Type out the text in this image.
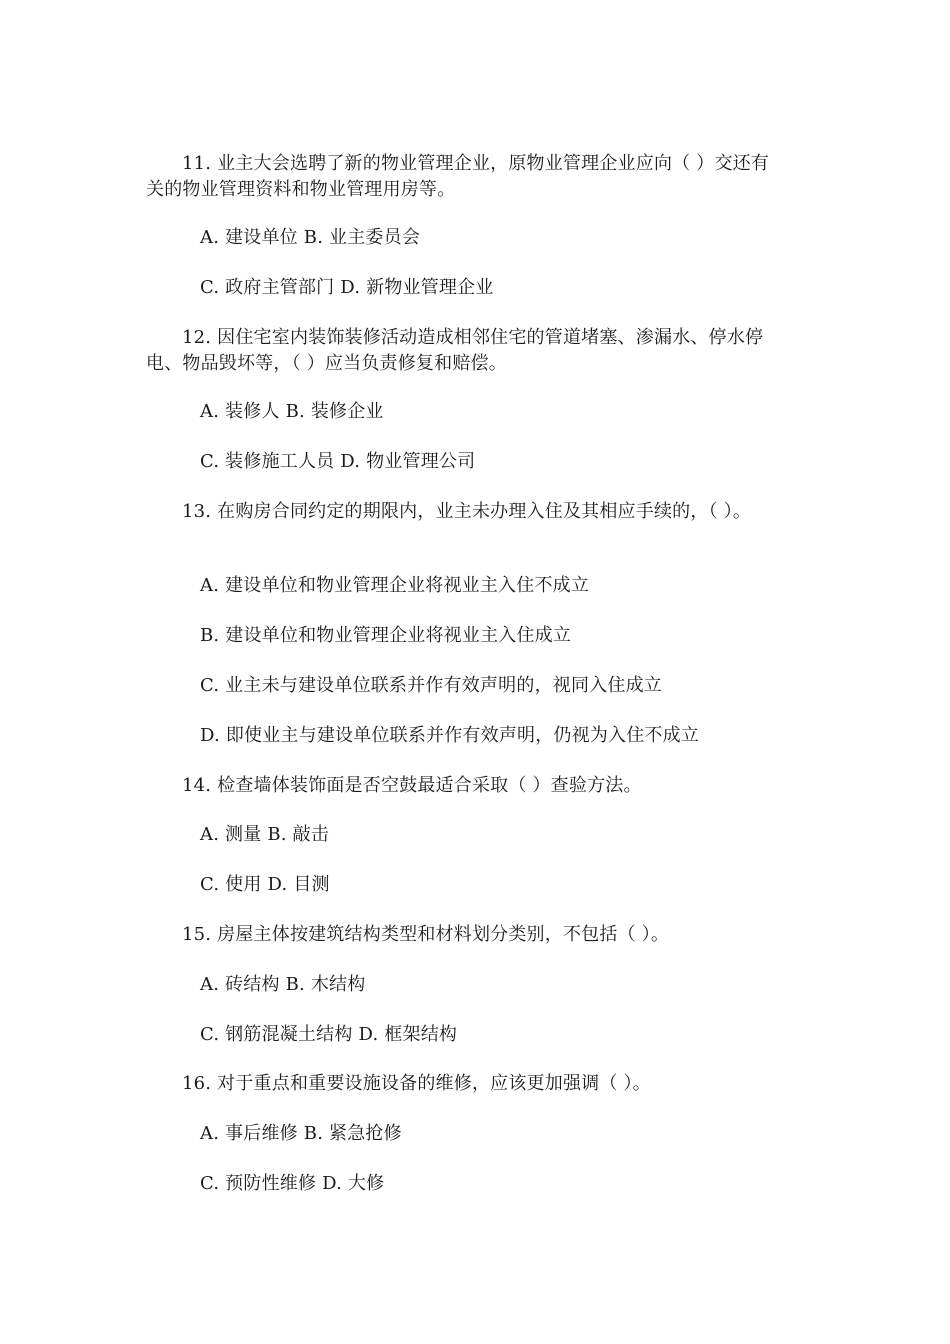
11. 业主大会选聘了新的物业管理企业，原物业管理企业应向（ ）交还有
关的物业管理资料和物业管理用房等。
A. 建设单位 B. 业主委员会
C. 政府主管部门 D. 新物业管理企业
12. 因住宅室内装饰装修活动造成相邻住宅的管道堵塞、渗漏水、停水停
电、物品毁坏等，（ ）应当负责修复和赔偿。
A. 装修人 B. 装修企业
C. 装修施工人员 D. 物业管理公司
13. 在购房合同约定的期限内，业主未办理入住及其相应手续的，（ ）。
A. 建设单位和物业管理企业将视业主入住不成立
B. 建设单位和物业管理企业将视业主入住成立
C. 业主未与建设单位联系并作有效声明的，视同入住成立
D. 即使业主与建设单位联系并作有效声明，仍视为入住不成立
14. 检查墙体装饰面是否空鼓最适合采取（ ）查验方法。
A. 测量 B. 敲击
C. 使用 D. 目测
15. 房屋主体按建筑结构类型和材料划分类别，不包括（ ）。
A. 砖结构 B. 木结构
C. 钢筋混凝土结构 D. 框架结构
16. 对于重点和重要设施设备的维修，应该更加强调（ ）。
A. 事后维修 B. 紧急抢修
C. 预防性维修 D. 大修
